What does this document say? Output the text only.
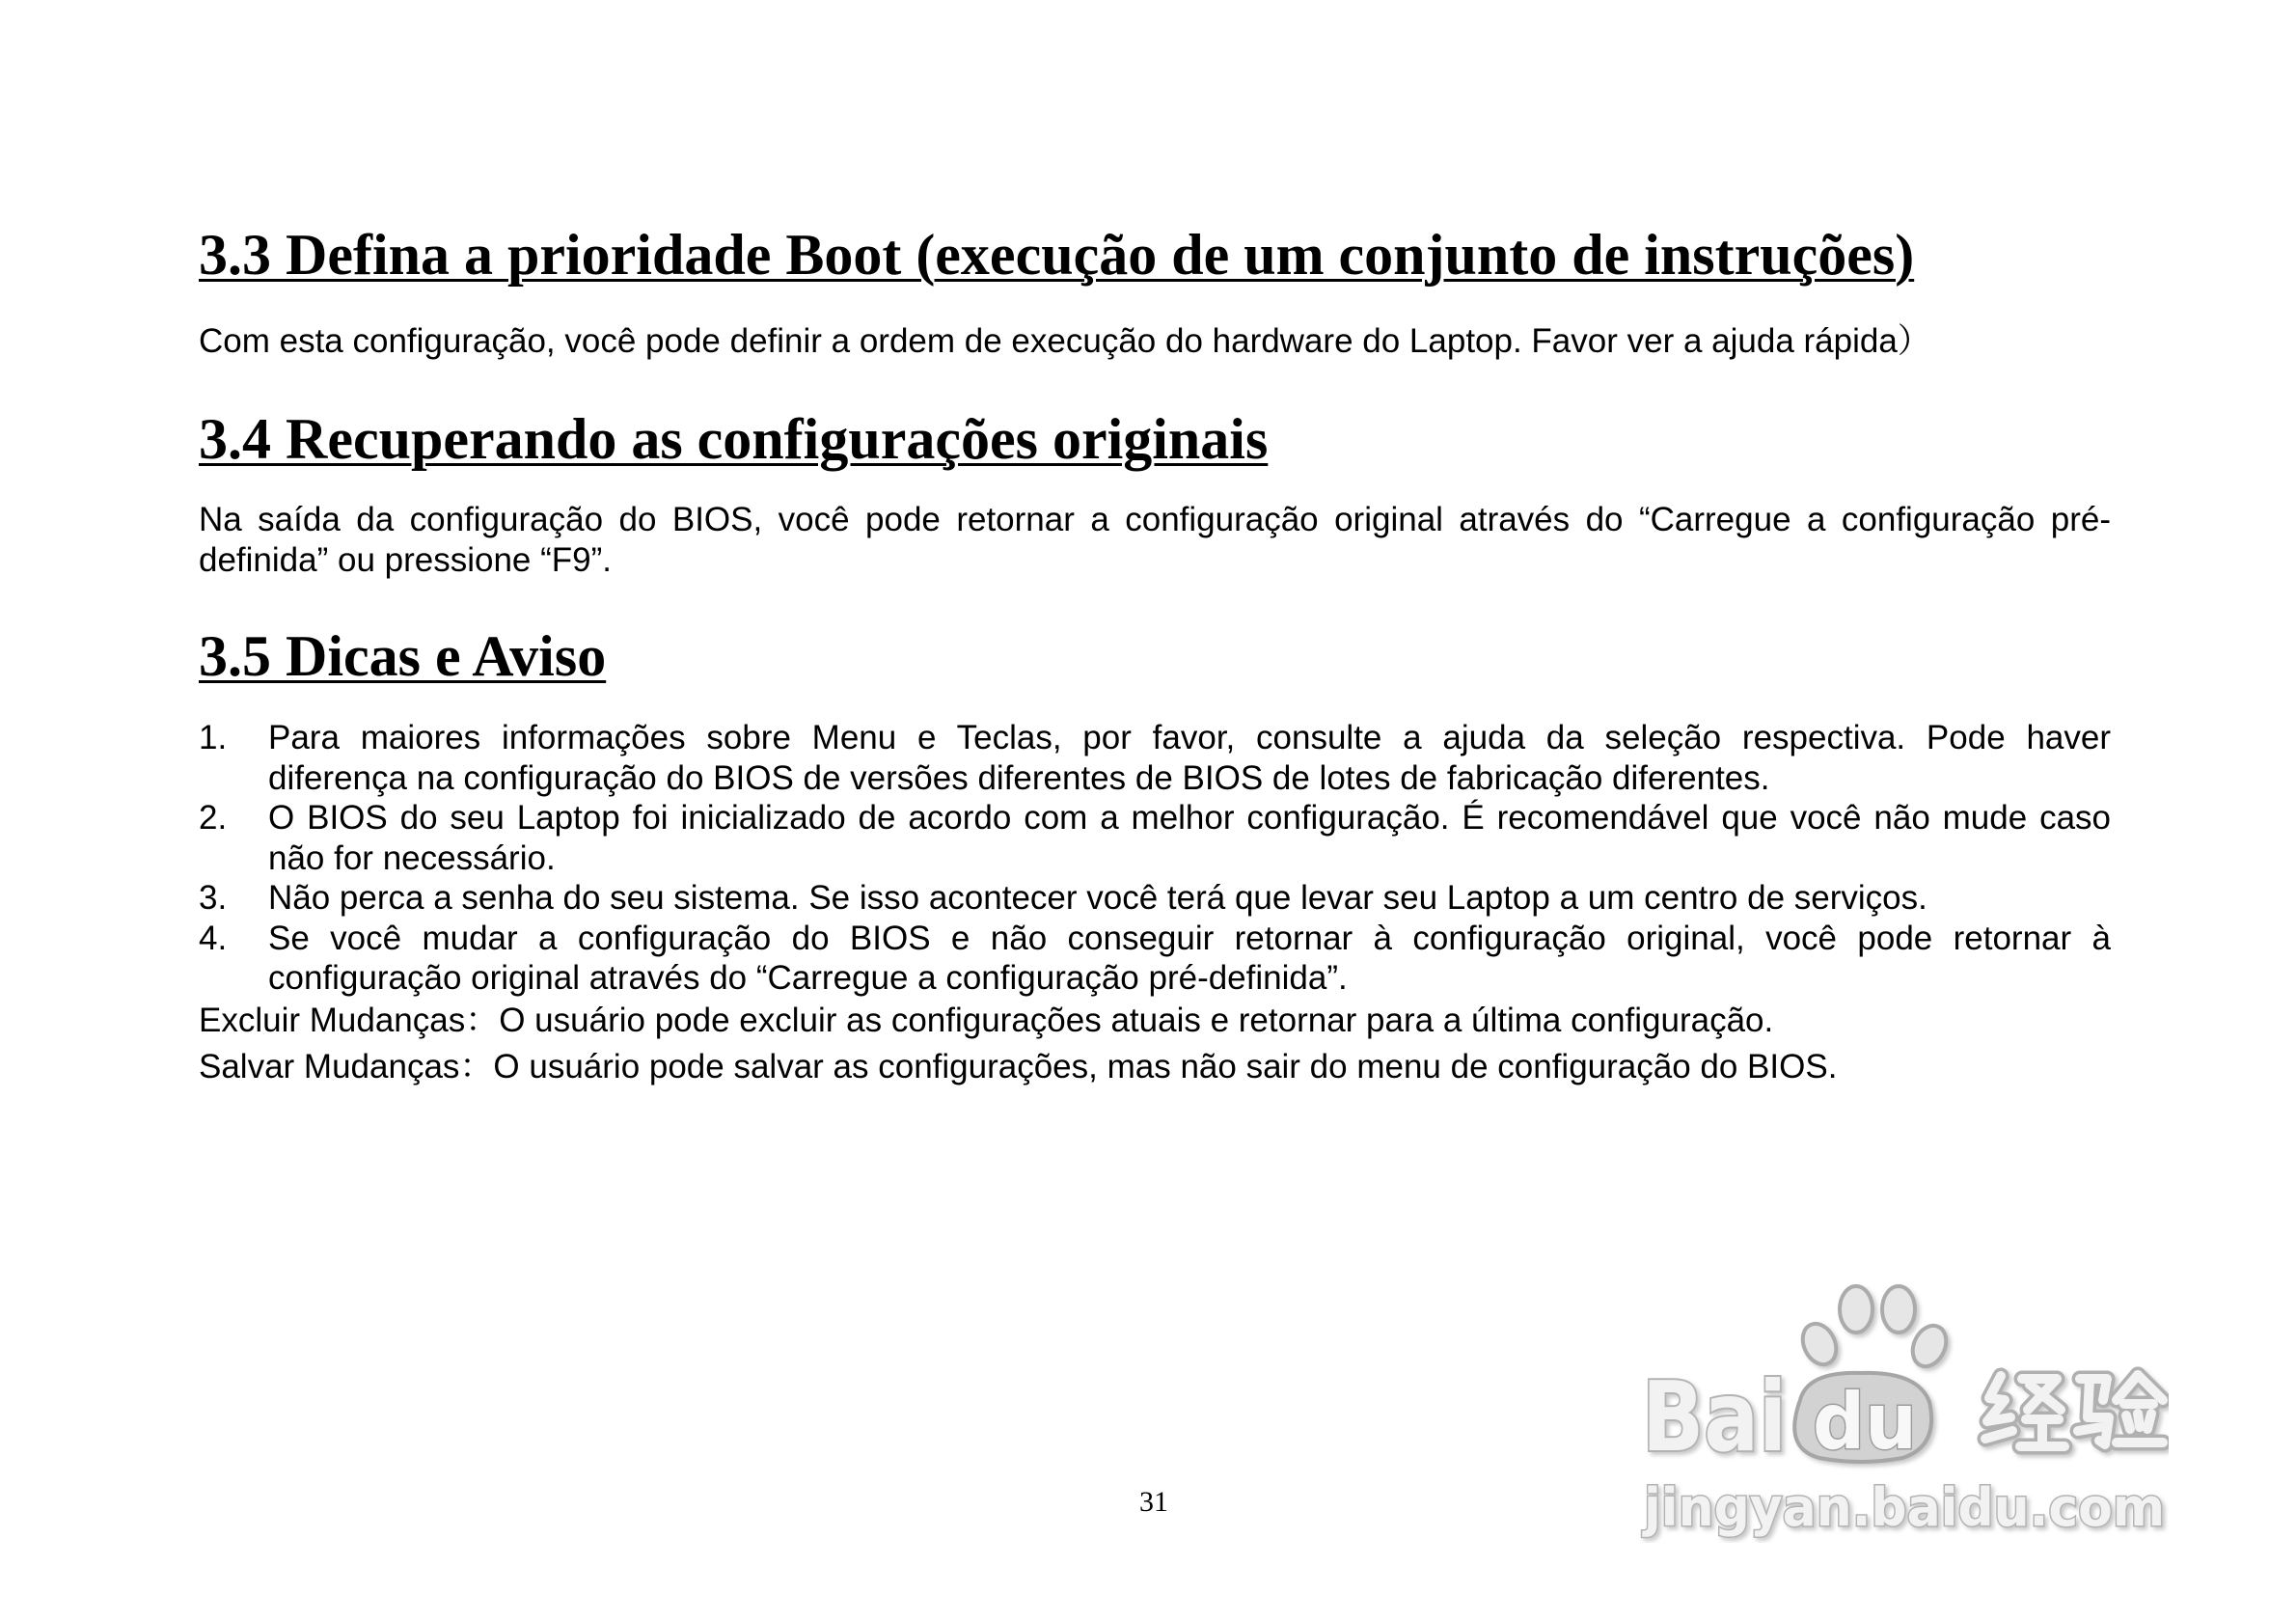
3.3 Defina a prioridade Boot (execução de um conjunto de instruções)
Com esta configuração, você pode definir a ordem de execução do hardware do Laptop. Favor ver a ajuda rápida）
3.4 Recuperando as configurações originais
Na saída da configuração do BIOS, você pode retornar a configuração original através do “Carregue a configuração pré-
definida” ou pressione “F9”.
3.5 Dicas e Aviso
1. Para maiores informações sobre Menu e Teclas, por favor, consulte a ajuda da seleção respectiva. Pode haver
diferença na configuração do BIOS de versões diferentes de BIOS de lotes de fabricação diferentes.
2. O BIOS do seu Laptop foi inicializado de acordo com a melhor configuração. É recomendável que você não mude caso
não for necessário.
3. Não perca a senha do seu sistema. Se isso acontecer você terá que levar seu Laptop a um centro de serviços.
4. Se você mudar a configuração do BIOS e não conseguir retornar à configuração original, você pode retornar à
configuração original através do “Carregue a configuração pré-definida”.
Excluir Mudanças：O usuário pode excluir as configurações atuais e retornar para a última configuração.
Salvar Mudanças：O usuário pode salvar as configurações, mas não sair do menu de configuração do BIOS.
31
Bai du
jingyan.baidu.com
